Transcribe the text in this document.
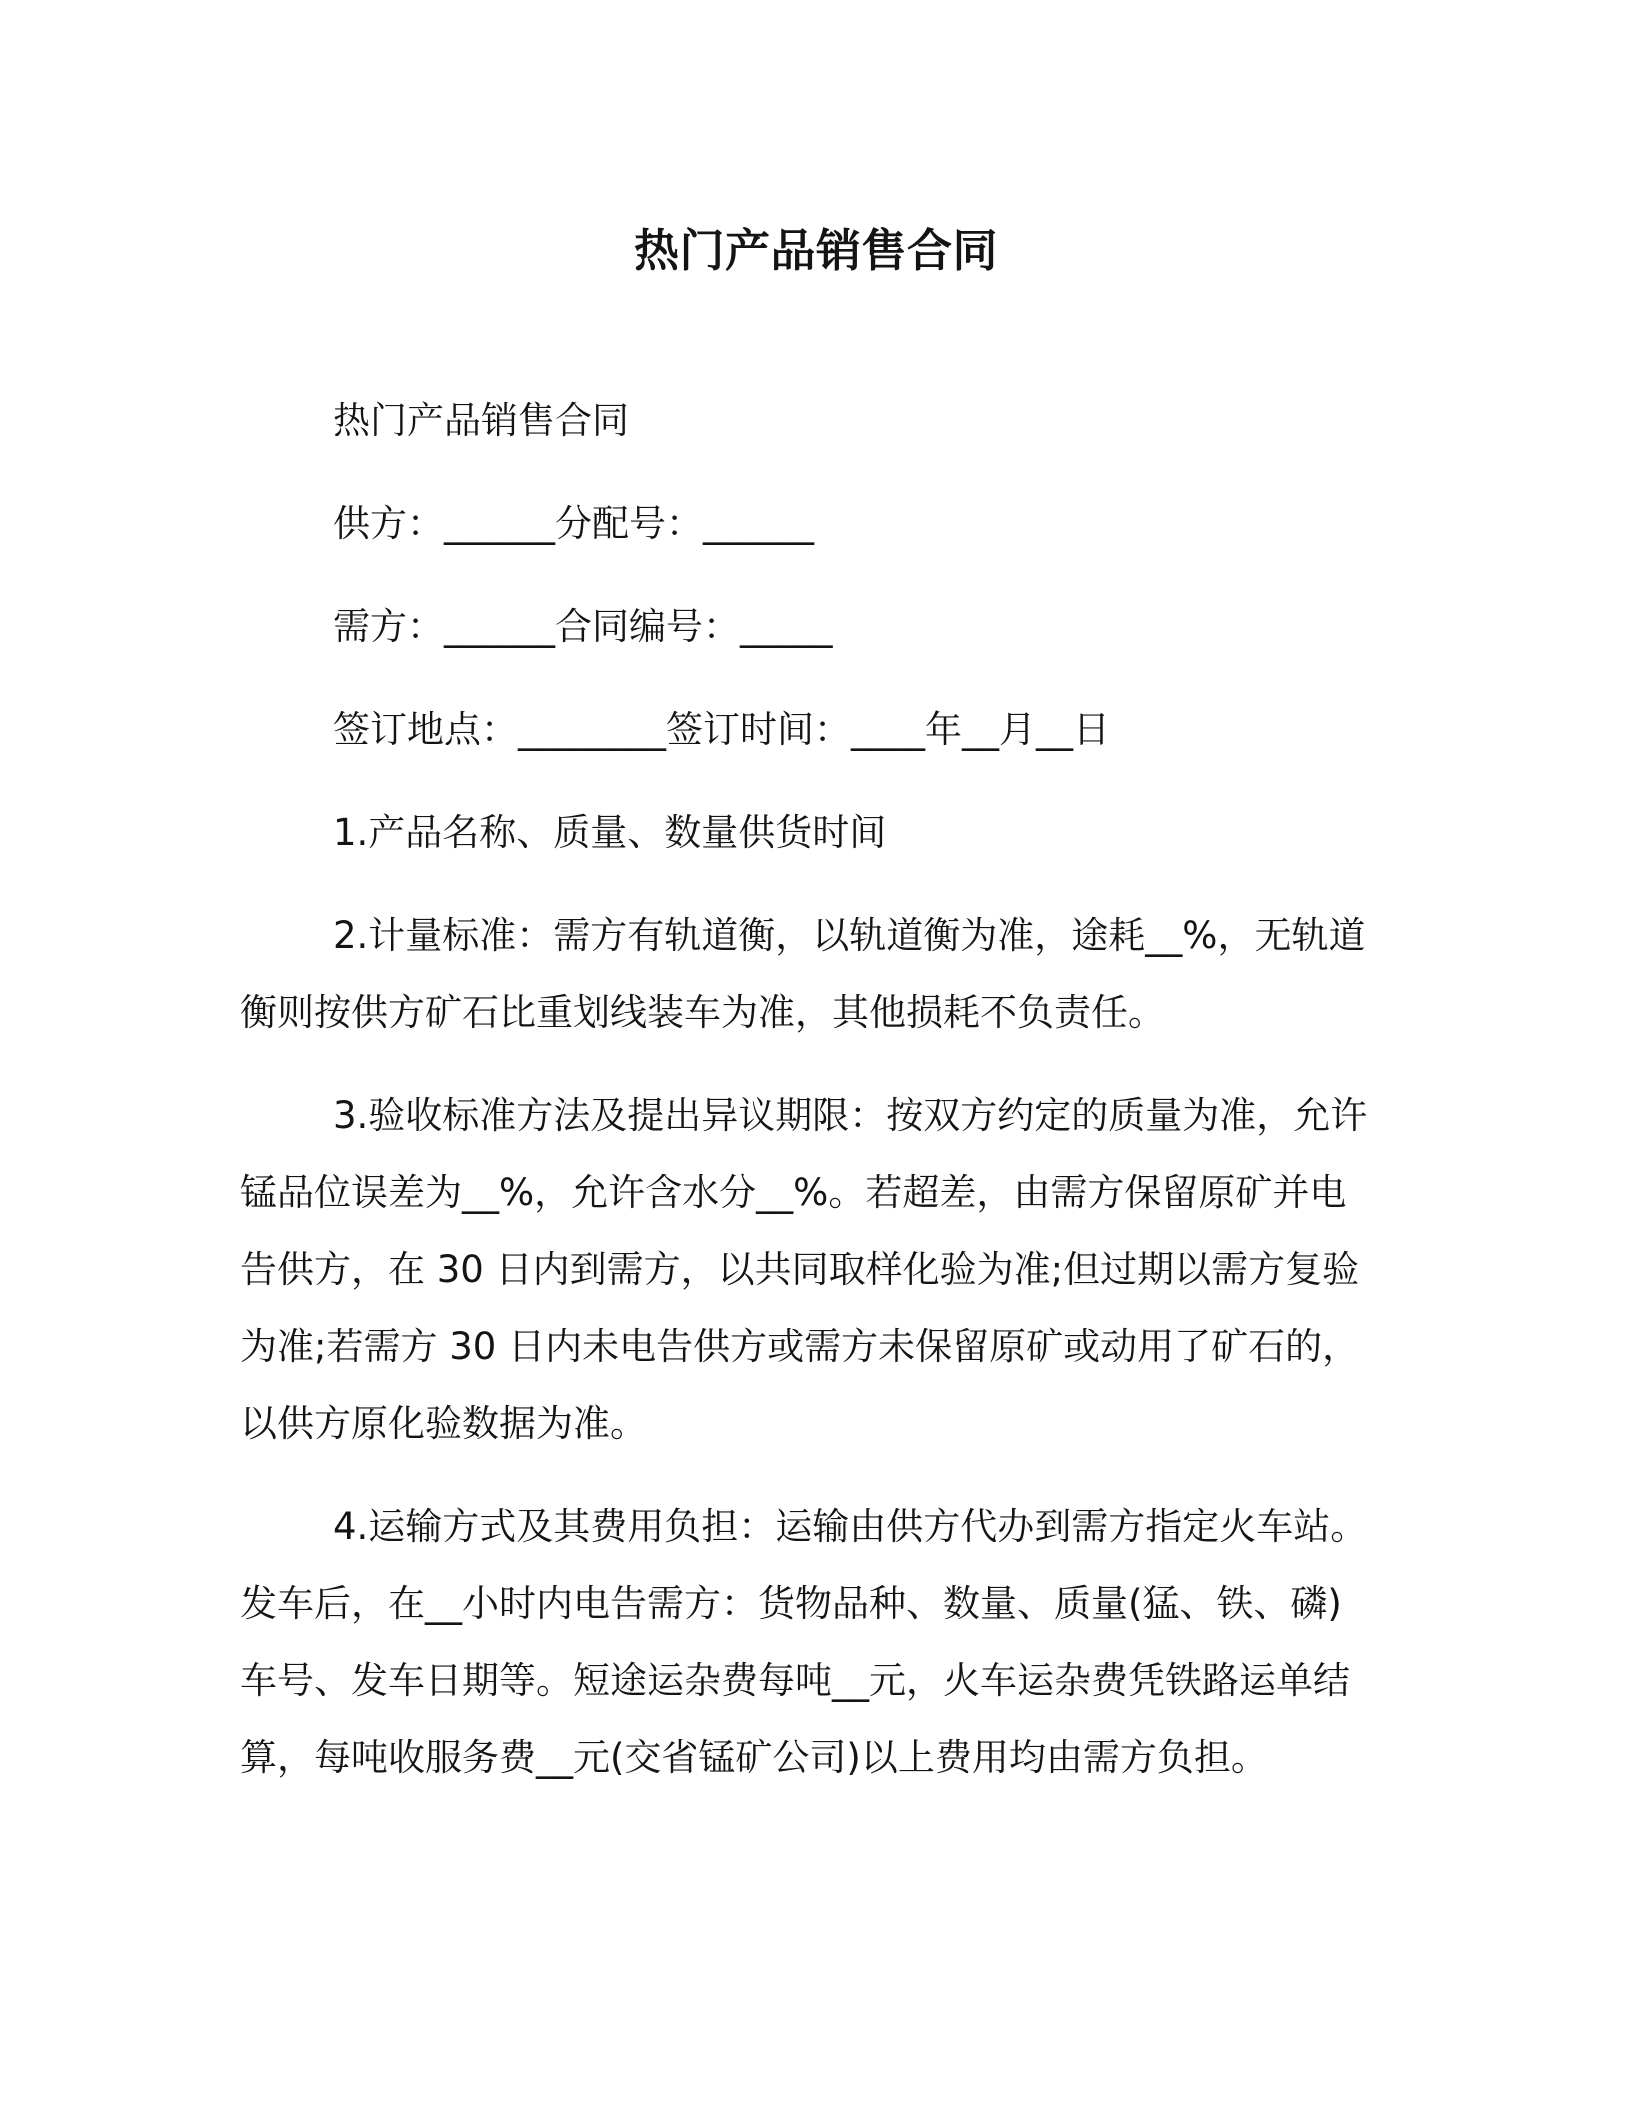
热门产品销售合同
热门产品销售合同
供方：______分配号：______
需方：______合同编号：_____
签订地点：________签订时间：____年__月__日
1.产品名称、质量、数量供货时间
2.计量标准：需方有轨道衡，以轨道衡为准，途耗__%，无轨道
衡则按供方矿石比重划线装车为准，其他损耗不负责任。
3.验收标准方法及提出异议期限：按双方约定的质量为准，允许
锰品位误差为__%，允许含水分__%。若超差，由需方保留原矿并电
告供方，在 30 日内到需方，以共同取样化验为准;但过期以需方复验
为准;若需方 30 日内未电告供方或需方未保留原矿或动用了矿石的，
以供方原化验数据为准。
4.运输方式及其费用负担：运输由供方代办到需方指定火车站。
发车后，在__小时内电告需方：货物品种、数量、质量(猛、铁、磷)
车号、发车日期等。短途运杂费每吨__元，火车运杂费凭铁路运单结
算，每吨收服务费__元(交省锰矿公司)以上费用均由需方负担。
